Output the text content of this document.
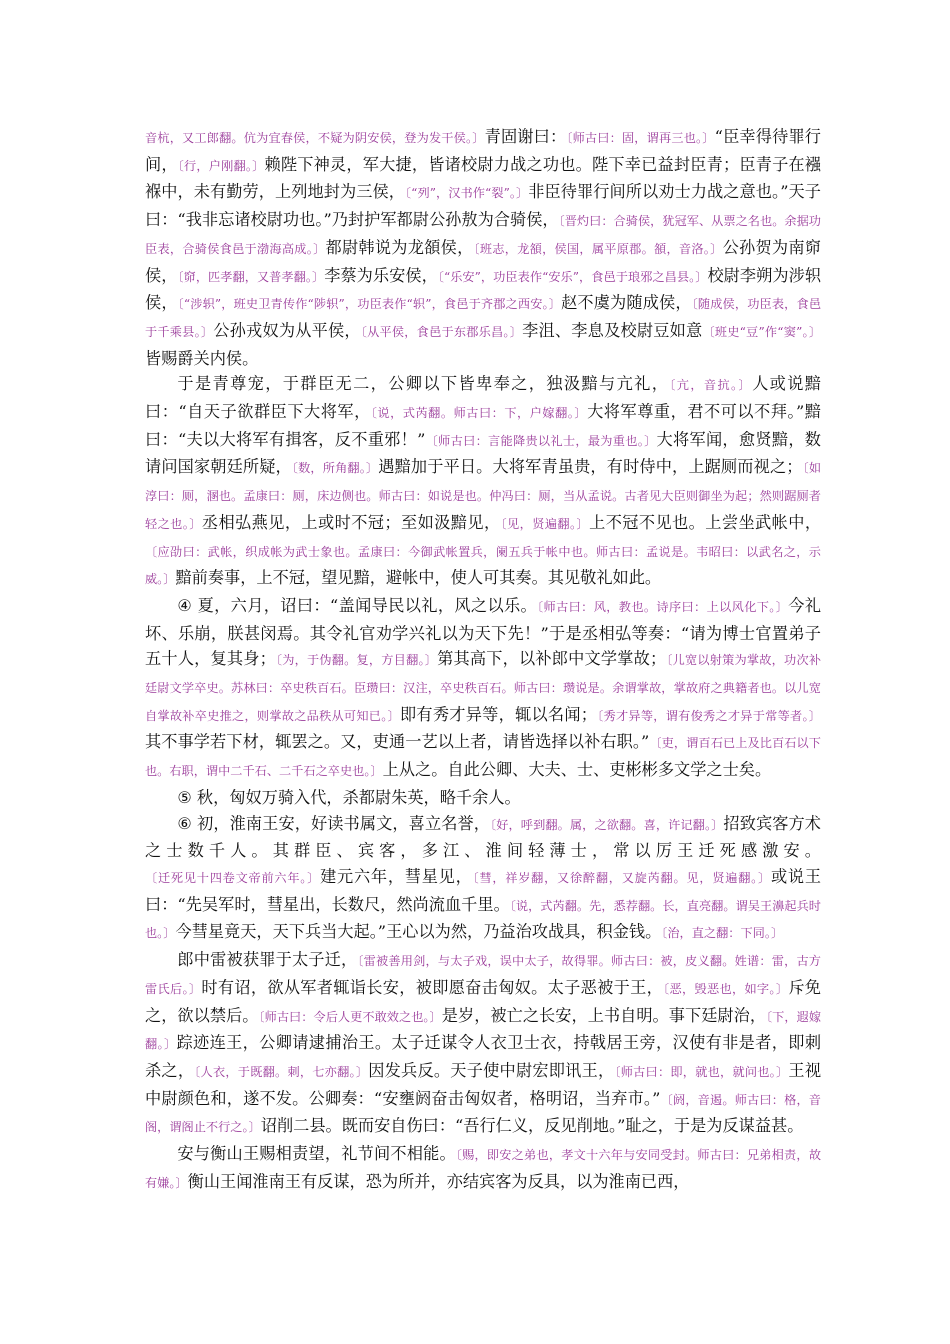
音杭，又工郎翻。伉为宜春侯，不疑为阴安侯，登为发干侯。〕青固谢曰：〔师古曰：固，谓再三也。〕“臣幸得待罪行间，〔行，户刚翻。〕赖陛下神灵，军大捷，皆诸校尉力战之功也。陛下幸已益封臣青；臣青子在襁褓中，未有勤劳，上列地封为三侯，〔“列”，汉书作“裂”。〕非臣待罪行间所以劝士力战之意也。”天子曰：“我非忘诸校尉功也。”乃封护军都尉公孙敖为合骑侯，〔晋灼曰：合骑侯，犹冠军、从票之名也。余据功臣表，合骑侯食邑于渤海高成。〕都尉韩说为龙頟侯，〔班志，龙頟，侯国，属平原郡。頟，音洛。〕公孙贺为南窌侯，〔窌，匹孝翻，又普孝翻。〕李蔡为乐安侯，〔“乐安”，功臣表作“安乐”，食邑于琅邪之昌县。〕校尉李朔为涉轵侯，〔“涉轵”，班史卫青传作“陟轵”，功臣表作“轵”，食邑于齐郡之西安。〕赵不虞为随成侯，〔随成侯，功臣表，食邑于千乘县。〕公孙戎奴为从平侯，〔从平侯，食邑于东郡乐昌。〕李沮、李息及校尉豆如意〔班史“豆”作“窦”。〕皆赐爵关内侯。

于是青尊宠，于群臣无二，公卿以下皆卑奉之，独汲黯与亢礼，〔亢，音抗。〕人或说黯曰：“自天子欲群臣下大将军，〔说，式芮翻。师古曰：下，户嫁翻。〕大将军尊重，君不可以不拜。”黯曰：“夫以大将军有揖客，反不重邪！”〔师古曰：言能降贵以礼士，最为重也。〕大将军闻，愈贤黯，数请问国家朝廷所疑，〔数，所角翻。〕遇黯加于平日。大将军青虽贵，有时侍中，上踞厕而视之；〔如淳曰：厕，溷也。孟康曰：厕，床边侧也。师古曰：如说是也。仲冯曰：厕，当从孟说。古者见大臣则御坐为起；然则踞厕者轻之也。〕丞相弘燕见，上或时不冠；至如汲黯见，〔见，贤遍翻。〕上不冠不见也。上尝坐武帐中，〔应劭曰：武帐，织成帐为武士象也。孟康曰：今御武帐置兵，阑五兵于帐中也。师古曰：孟说是。韦昭曰：以武名之，示威。〕黯前奏事，上不冠，望见黯，避帐中，使人可其奏。其见敬礼如此。

④ 夏，六月，诏曰：“盖闻导民以礼，风之以乐。〔师古曰：风，教也。诗序曰：上以风化下。〕今礼坏、乐崩，朕甚闵焉。其令礼官劝学兴礼以为天下先！”于是丞相弘等奏：“请为博士官置弟子五十人，复其身；〔为，于伪翻。复，方目翻。〕第其高下，以补郎中文学掌故；〔儿宽以射策为掌故，功次补廷尉文学卒史。苏林曰：卒史秩百石。臣瓒曰：汉注，卒史秩百石。师古曰：瓒说是。余谓掌故，掌故府之典籍者也。以儿宽自掌故补卒史推之，则掌故之品秩从可知已。〕即有秀才异等，辄以名闻；〔秀才异等，谓有俊秀之才异于常等者。〕其不事学若下材，辄罢之。又，吏通一艺以上者，请皆选择以补右职。”〔吏，谓百石已上及比百石以下也。右职，谓中二千石、二千石之卒史也。〕上从之。自此公卿、大夫、士、吏彬彬多文学之士矣。

⑤ 秋，匈奴万骑入代，杀都尉朱英，略千余人。

⑥ 初，淮南王安，好读书属文，喜立名誉，〔好，呼到翻。属，之欲翻。喜，许记翻。〕招致宾客方术之士数千人。其群臣、宾客，多江、淮间轻薄士，常以厉王迁死感激安。〔迁死见十四卷文帝前六年。〕建元六年，彗星见，〔彗，祥岁翻，又徐醉翻，又旋芮翻。见，贤遍翻。〕或说王曰：“先吴军时，彗星出，长数尺，然尚流血千里。〔说，式芮翻。先，悉荐翻。长，直亮翻。谓吴王濞起兵时也。〕今彗星竟天，天下兵当大起。”王心以为然，乃益治攻战具，积金钱。〔治，直之翻：下同。〕

郎中雷被获罪于太子迁，〔雷被善用剑，与太子戏，误中太子，故得罪。师古曰：被，皮义翻。姓谱：雷，古方雷氏后。〕时有诏，欲从军者辄诣长安，被即愿奋击匈奴。太子恶被于王，〔恶，毁恶也，如字。〕斥免之，欲以禁后。〔师古曰：令后人更不敢效之也。〕是岁，被亡之长安，上书自明。事下廷尉治，〔下，遐嫁翻。〕踪迹连王，公卿请逮捕治王。太子迁谋令人衣卫士衣，持戟居王旁，汉使有非是者，即刺杀之，〔人衣，于既翻。刺，七亦翻。〕因发兵反。天子使中尉宏即讯王，〔师古曰：即，就也，就问也。〕王视中尉颜色和，遂不发。公卿奏：“安壅阏奋击匈奴者，格明诏，当弃市。”〔阏，音遏。师古曰：格，音阁，谓阁止不行之。〕诏削二县。既而安自伤曰：“吾行仁义，反见削地。”耻之，于是为反谋益甚。

安与衡山王赐相责望，礼节间不相能。〔赐，即安之弟也，孝文十六年与安同受封。师古曰：兄弟相责，故有嫌。〕衡山王闻淮南王有反谋，恐为所并，亦结宾客为反具，以为淮南已西，
